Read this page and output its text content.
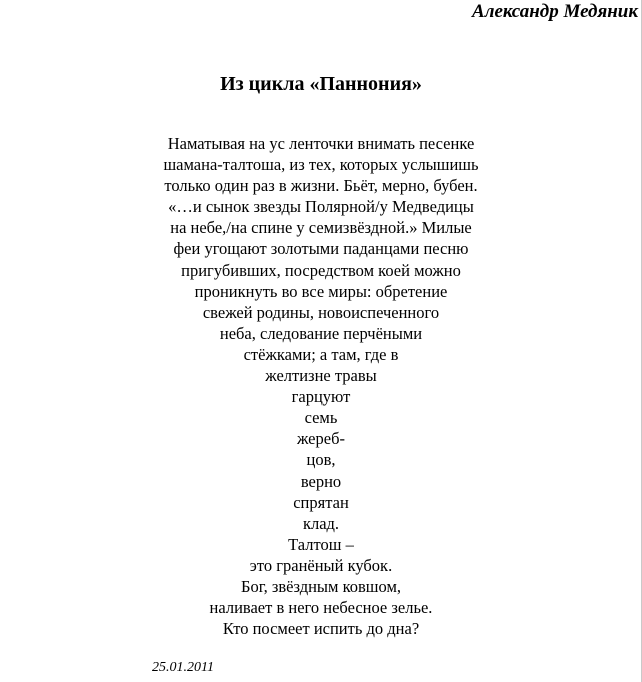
Александр Медяник
Из цикла «Паннония»
Наматывая на ус ленточки внимать песенке
шамана-талтоша, из тех, которых услышишь
только один раз в жизни. Бьёт, мерно, бубен.
«…и сынок звезды Полярной/у Медведицы
на небе,/на спине у семизвёздной.» Милые
феи угощают золотыми паданцами песню
пригубивших, посредством коей можно
проникнуть во все миры: обретение
свежей родины, новоиспеченного
неба, следование перчёными
стёжками; а там, где в
желтизне травы
гарцуют
семь
жереб-
цов,
верно
спрятан
клад.
Талтош –
это гранёный кубок.
Бог, звёздным ковшом,
наливает в него небесное зелье.
Кто посмеет испить до дна?
25.01.2011
